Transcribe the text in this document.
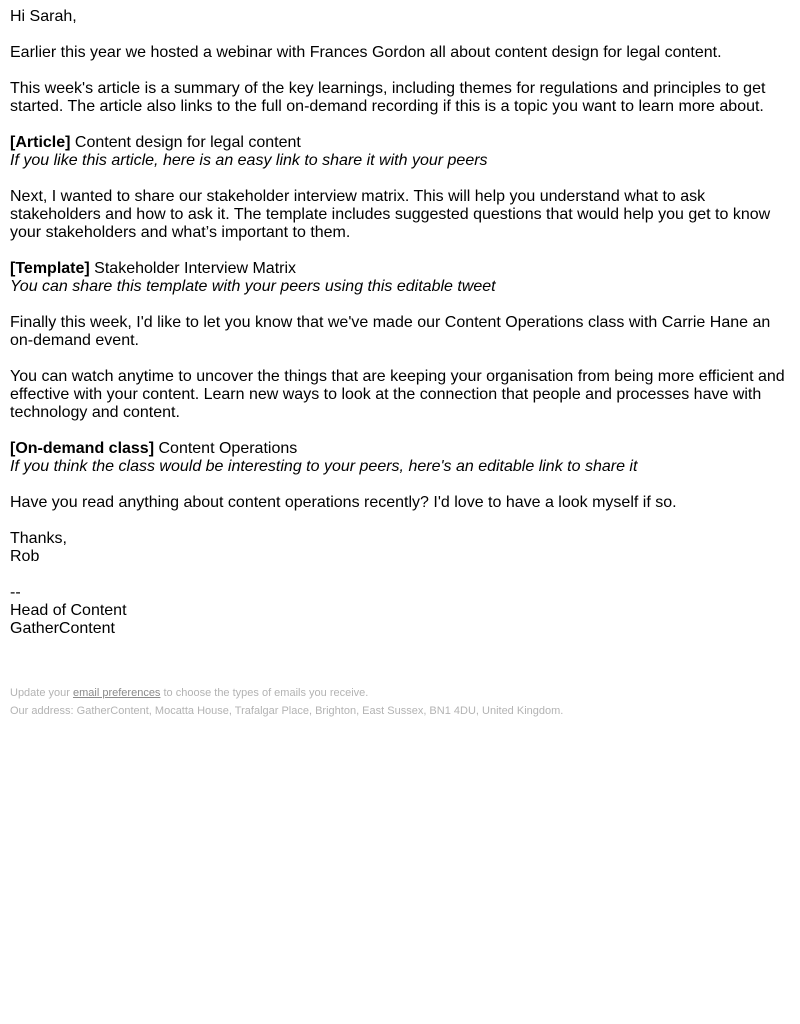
Hi Sarah,

Earlier this year we hosted a webinar with Frances Gordon all about content design for legal content.

This week's article is a summary of the key learnings, including themes for regulations and principles to get started. The article also links to the full on-demand recording if this is a topic you want to learn more about.

[Article] Content design for legal content
If you like this article, here is an easy link to share it with your peers

Next, I wanted to share our stakeholder interview matrix. This will help you understand what to ask stakeholders and how to ask it. The template includes suggested questions that would help you get to know your stakeholders and what’s important to them.

[Template] Stakeholder Interview Matrix
You can share this template with your peers using this editable tweet

Finally this week, I'd like to let you know that we've made our Content Operations class with Carrie Hane an on-demand event.

You can watch anytime to uncover the things that are keeping your organisation from being more efficient and effective with your content. Learn new ways to look at the connection that people and processes have with technology and content.

[On-demand class] Content Operations
If you think the class would be interesting to your peers, here's an editable link to share it

Have you read anything about content operations recently? I'd love to have a look myself if so.

Thanks,
Rob

--
Head of Content
GatherContent

Update your email preferences to choose the types of emails you receive.

Our address: GatherContent, Mocatta House, Trafalgar Place, Brighton, East Sussex, BN1 4DU, United Kingdom.
